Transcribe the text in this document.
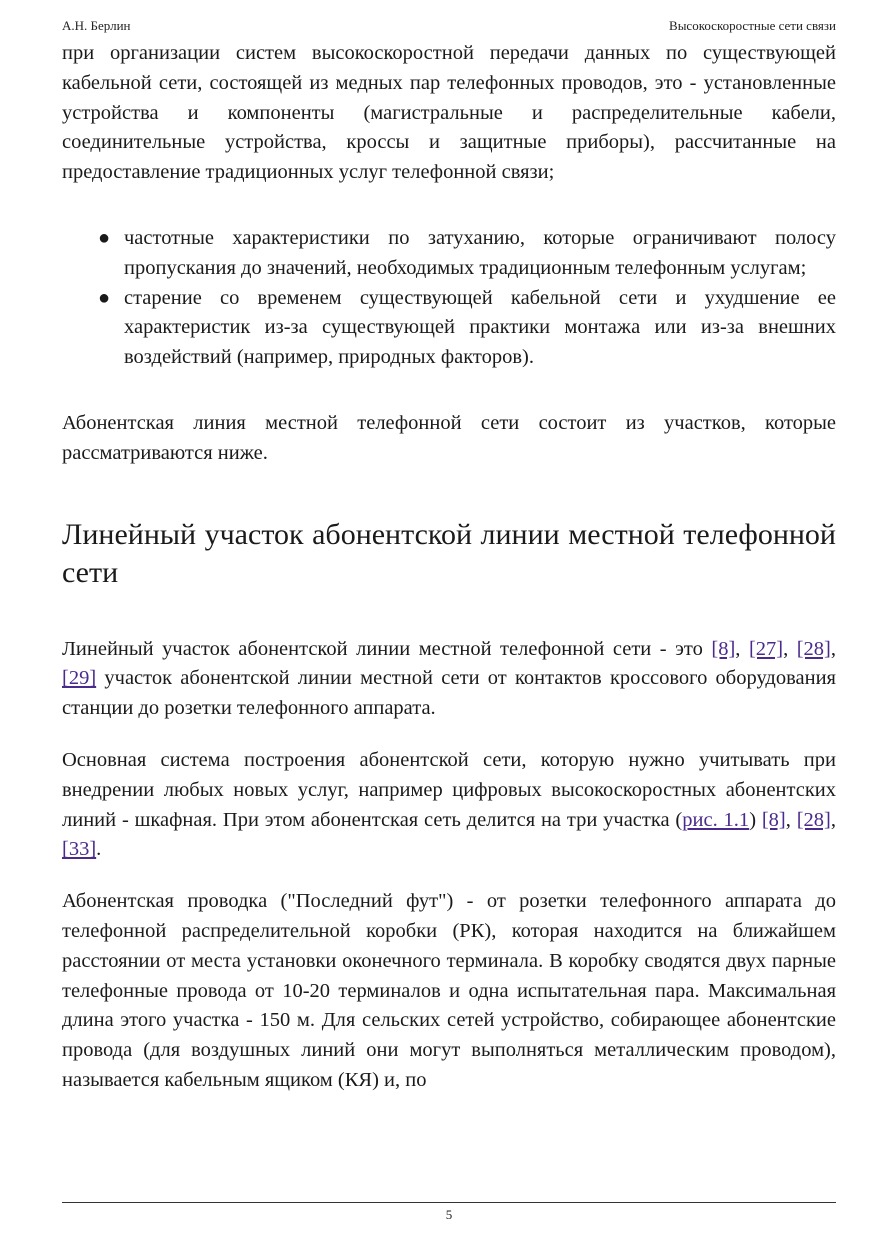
А.Н. Берлин	Высокоскоростные сети связи

при организации систем высокоскоростной передачи данных по существующей кабельной сети, состоящей из медных пар телефонных проводов, это - установленные устройства и компоненты (магистральные и распределительные кабели, соединительные устройства, кроссы и защитные приборы), рассчитанные на предоставление традиционных услуг телефонной связи;

● частотные характеристики по затуханию, которые ограничивают полосу пропускания до значений, необходимых традиционным телефонным услугам;
● старение со временем существующей кабельной сети и ухудшение ее характеристик из-за существующей практики монтажа или из-за внешних воздействий (например, природных факторов).

Абонентская линия местной телефонной сети состоит из участков, которые рассматриваются ниже.

Линейный участок абонентской линии местной телефонной сети

Линейный участок абонентской линии местной телефонной сети - это [8], [27], [28], [29] участок абонентской линии местной сети от контактов кроссового оборудования станции до розетки телефонного аппарата.

Основная система построения абонентской сети, которую нужно учитывать при внедрении любых новых услуг, например цифровых высокоскоростных абонентских линий - шкафная. При этом абонентская сеть делится на три участка (рис. 1.1) [8], [28], [33].

Абонентская проводка ("Последний фут") - от розетки телефонного аппарата до телефонной распределительной коробки (РК), которая находится на ближайшем расстоянии от места установки оконечного терминала. В коробку сводятся двух парные телефонные провода от 10-20 терминалов и одна испытательная пара. Максимальная длина этого участка - 150 м. Для сельских сетей устройство, собирающее абонентские провода (для воздушных линий они могут выполняться металлическим проводом), называется кабельным ящиком (КЯ) и, по

5
